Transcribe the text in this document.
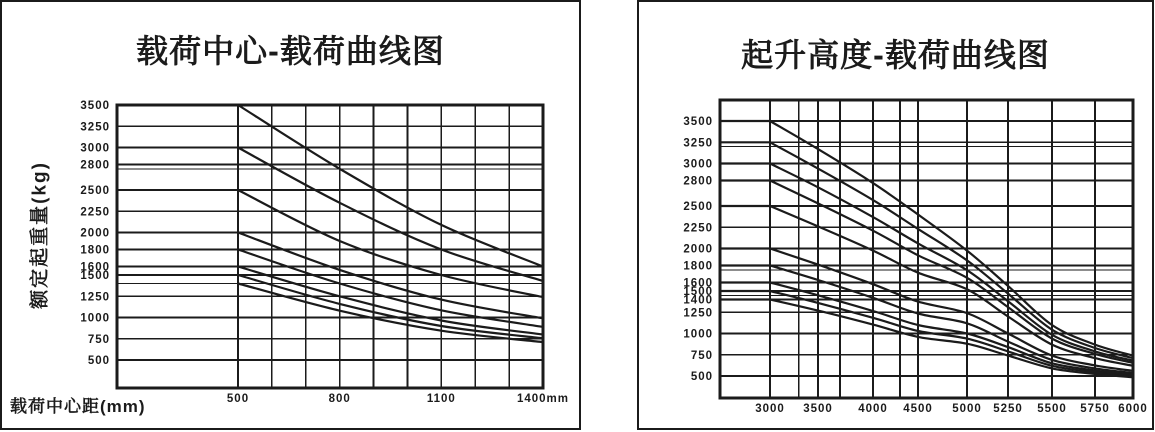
载荷中心-载荷曲线图
额定起重量(kg)
载荷中心距(mm)
起升高度-载荷曲线图
3500
3250
3000
2800
2500
2250
2000
1800
1600
1500
1250
1000
750
500
500	800	1100	1400mm
3500
3250
3000
2800
2500
2250
2000
1800
1600
1500
1400
1250
1000
750
500
3000 3500 4000 4500 5000 5250 5500 5750 6000
